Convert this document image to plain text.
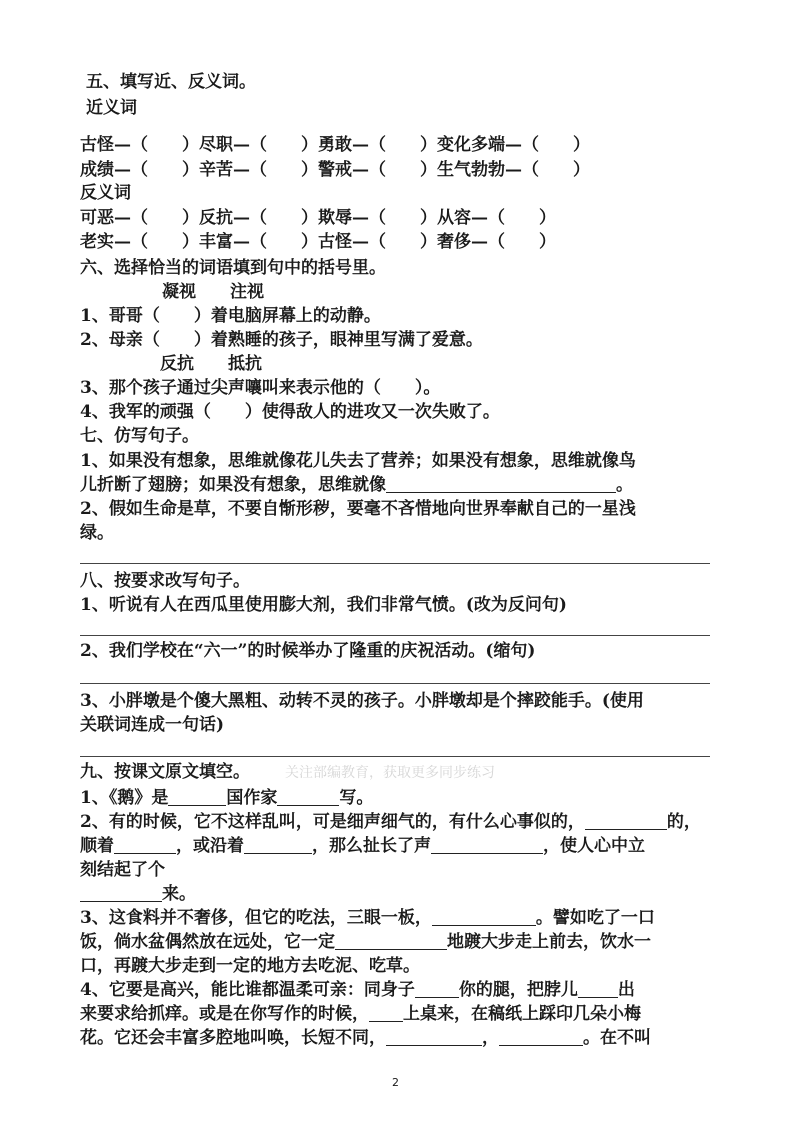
五、填写近、反义词。
近义词
古怪—（　　）尽职—（　　）勇敢—（　　）变化多端—（　　）
成绩—（　　）辛苦—（　　）警戒—（　　）生气勃勃—（　　）
反义词
可恶—（　　）反抗—（　　）欺辱—（　　）从容—（　　）
老实—（　　）丰富—（　　）古怪—（　　）奢侈—（　　）
六、选择恰当的词语填到句中的括号里。
凝视　　注视
1、哥哥（　　）着电脑屏幕上的动静。
2、母亲（　　）着熟睡的孩子，眼神里写满了爱意。
反抗　　抵抗
3、那个孩子通过尖声嚷叫来表示他的（　　）。
4、我军的顽强（　　）使得敌人的进攻又一次失败了。
七、仿写句子。
1、如果没有想象，思维就像花儿失去了营养；如果没有想象，思维就像鸟
儿折断了翅膀；如果没有想象，思维就像	。
2、假如生命是草，不要自惭形秽，要毫不吝惜地向世界奉献自己的一星浅
绿。
八、按要求改写句子。
1、听说有人在西瓜里使用膨大剂，我们非常气愤。(改为反问句)
2、我们学校在“六一”的时候举办了隆重的庆祝活动。(缩句)
3、小胖墩是个傻大黑粗、动转不灵的孩子。小胖墩却是个摔跤能手。(使用
关联词连成一句话)
关注部编教育，获取更多同步练习
九、按课文原文填空。
1、《鹅》是	国作家	写。
2、有的时候，它不这样乱叫，可是细声细气的，有什么心事似的，	的，
顺着	，或沿着	，那么扯长了声	，使人心中立
刻结起了个
来。
3、这食料并不奢侈，但它的吃法，三眼一板，	。譬如吃了一口
饭，倘水盆偶然放在远处，它一定	地踱大步走上前去，饮水一
口，再踱大步走到一定的地方去吃泥、吃草。
4、它要是高兴，能比谁都温柔可亲：同身子	你的腿，把脖儿 出
来要求给抓痒。或是在你写作的时候， 上桌来，在稿纸上踩印几朵小梅
花。它还会丰富多腔地叫唤，长短不同，	，	。在不叫
2
